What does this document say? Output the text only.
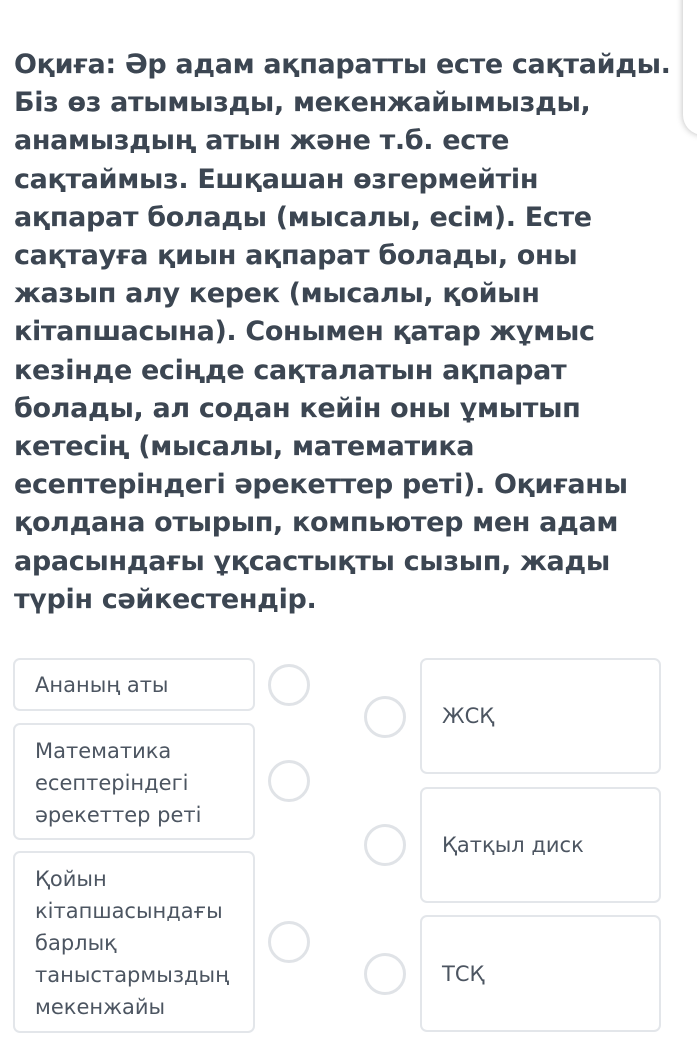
Оқиға: Әр адам ақпаратты есте сақтайды.
Біз өз атымызды, мекенжайымызды,
анамыздың атын және т.б. есте
сақтаймыз. Ешқашан өзгермейтін
ақпарат болады (мысалы, есім). Есте
сақтауға қиын ақпарат болады, оны
жазып алу керек (мысалы, қойын
кітапшасына). Сонымен қатар жұмыс
кезінде есіңде сақталатын ақпарат
болады, ал содан кейін оны ұмытып
кетесің (мысалы, математика
есептеріндегі әрекеттер реті). Оқиғаны
қолдана отырып, компьютер мен адам
арасындағы ұқсастықты сызып, жады
түрін сәйкестендір.
Ананың аты
Математика
есептеріндегі
әрекеттер реті
Қойын
кітапшасындағы
барлық
таныстармыздың
мекенжайы
ЖСҚ
Қатқыл диск
ТСҚ
